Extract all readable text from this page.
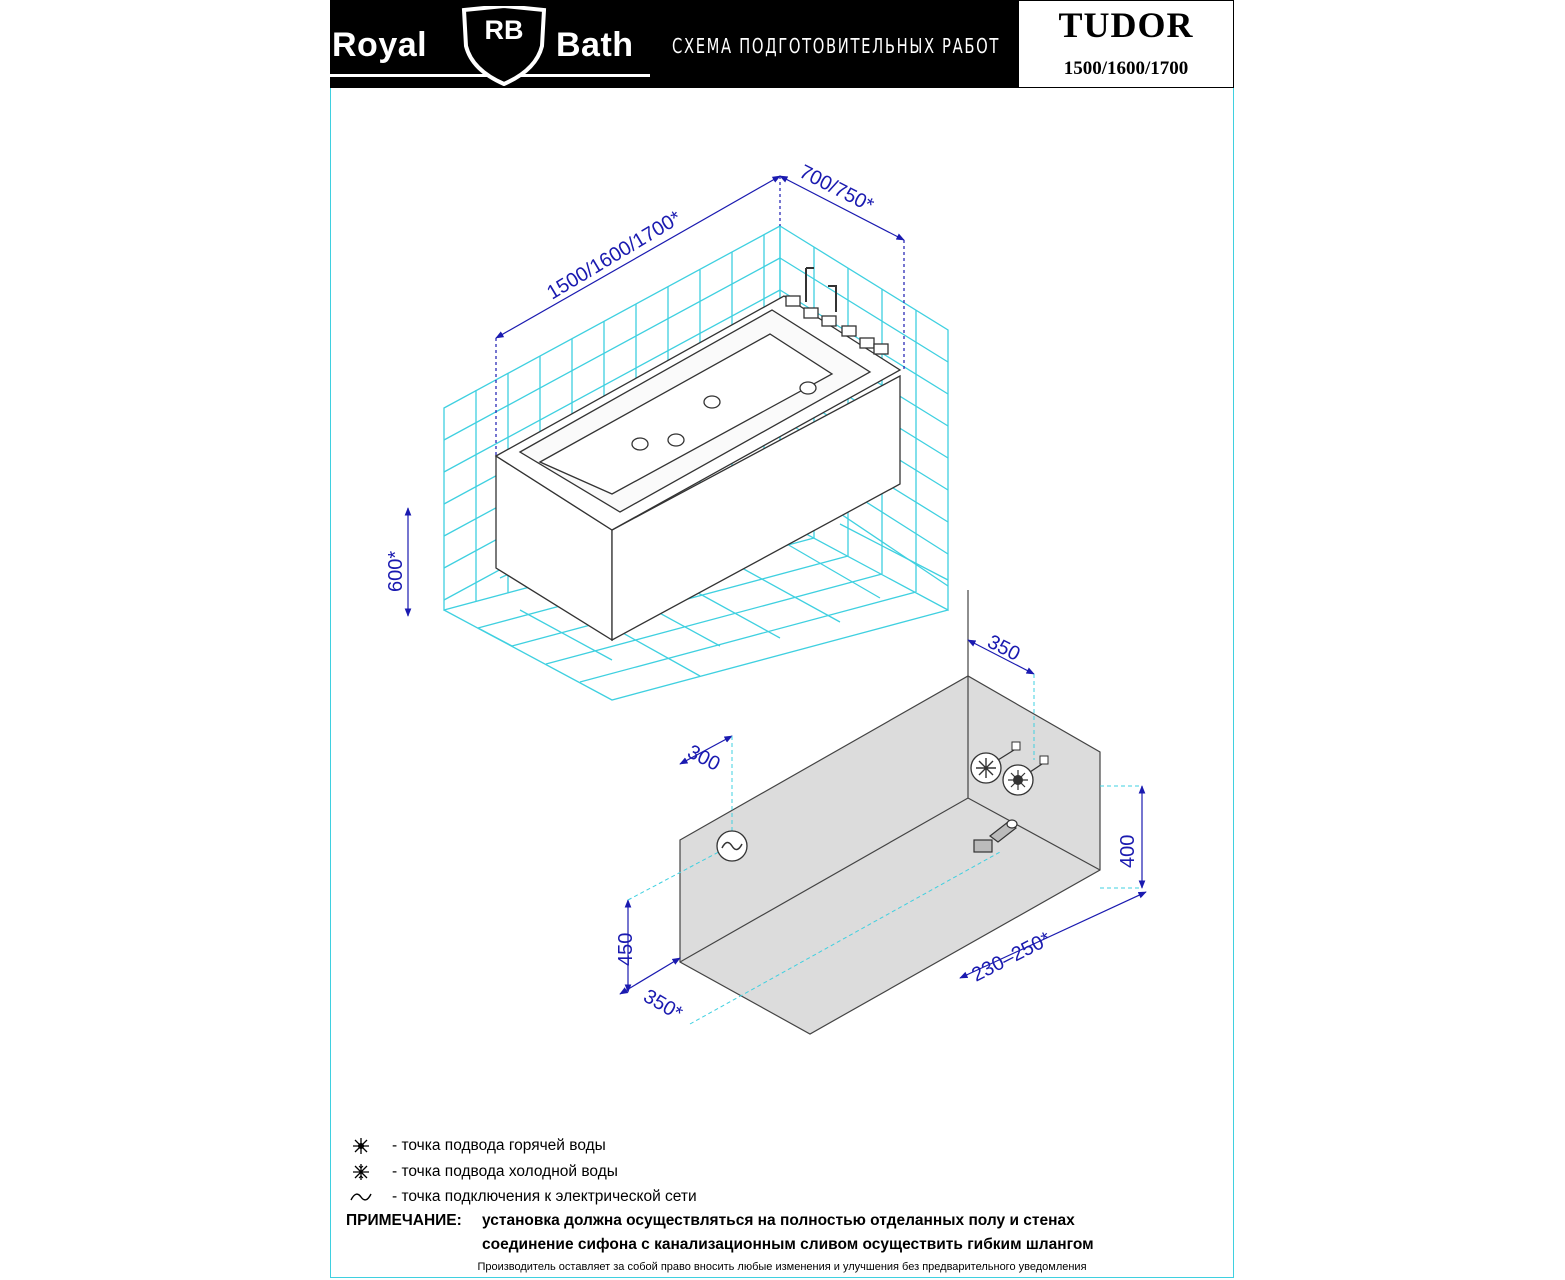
Royal	RB Bath	СХЕМА ПОДГОТОВИТЕЛЬНЫХ РАБОТ
TUDOR
1500/1600/1700
1500/1600/1700*
700/750*
600*
350
300
400
450
350*
230–250*
- точка подвода горячей воды
- точка подвода холодной воды
- точка подключения к электрической сети
ПРИМЕЧАНИЕ: установка должна осуществляться на полностью отделанных полу и стенах
соединение сифона с канализационным сливом осуществить гибким шлангом
Производитель оставляет за собой право вносить любые изменения и улучшения без предварительного уведомления
